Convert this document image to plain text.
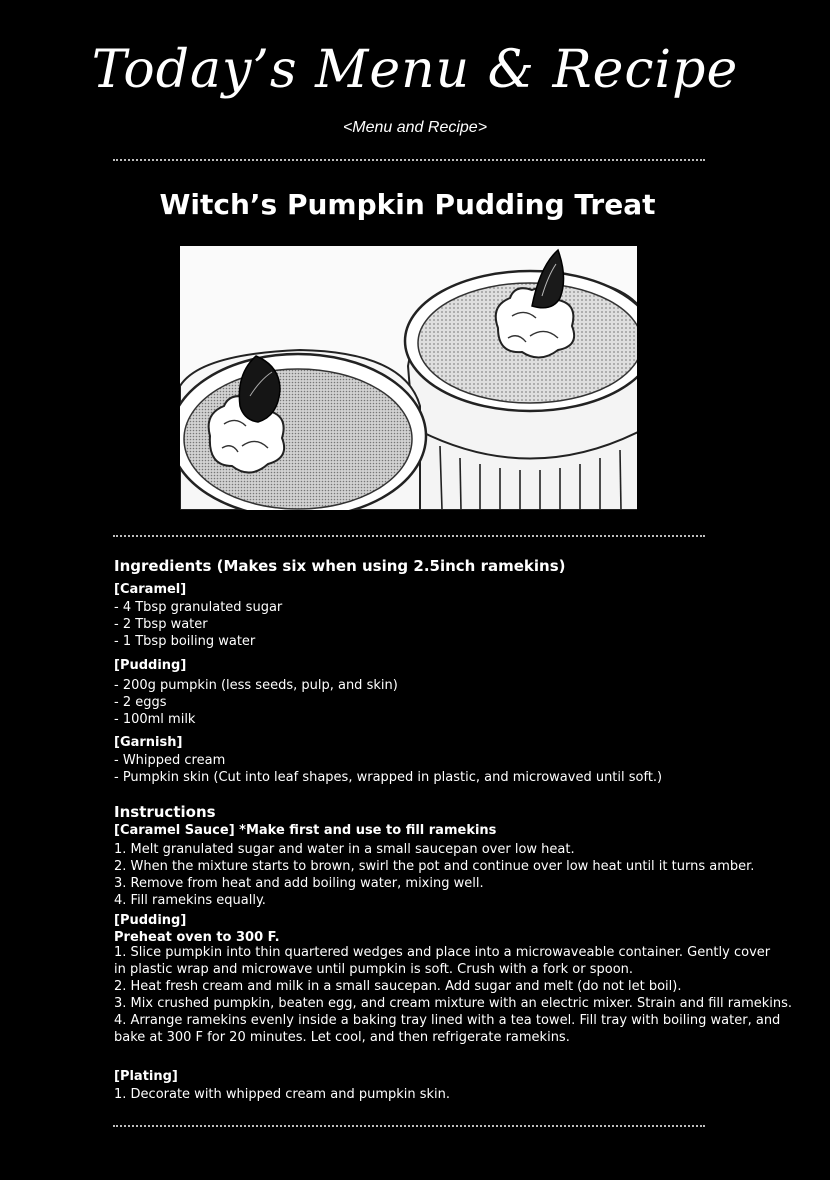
Today’s Menu & Recipe
<Menu and Recipe>
Witch’s Pumpkin Pudding Treat
Ingredients (Makes six when using 2.5inch ramekins)
[Caramel]
- 4 Tbsp granulated sugar
- 2 Tbsp water
- 1 Tbsp boiling water
[Pudding]
- 200g pumpkin (less seeds, pulp, and skin)
- 2 eggs
- 100ml milk
[Garnish]
- Whipped cream
- Pumpkin skin (Cut into leaf shapes, wrapped in plastic, and microwaved until soft.)
Instructions
[Caramel Sauce] *Make first and use to fill ramekins
1. Melt granulated sugar and water in a small saucepan over low heat.
2. When the mixture starts to brown, swirl the pot and continue over low heat until it turns amber.
3. Remove from heat and add boiling water, mixing well.
4. Fill ramekins equally.
[Pudding]
Preheat oven to 300 F.
1. Slice pumpkin into thin quartered wedges and place into a microwaveable container. Gently cover
in plastic wrap and microwave until pumpkin is soft. Crush with a fork or spoon.
2. Heat fresh cream and milk in a small saucepan. Add sugar and melt (do not let boil).
3. Mix crushed pumpkin, beaten egg, and cream mixture with an electric mixer. Strain and fill ramekins.
4. Arrange ramekins evenly inside a baking tray lined with a tea towel. Fill tray with boiling water, and
bake at 300 F for 20 minutes. Let cool, and then refrigerate ramekins.
[Plating]
1. Decorate with whipped cream and pumpkin skin.
